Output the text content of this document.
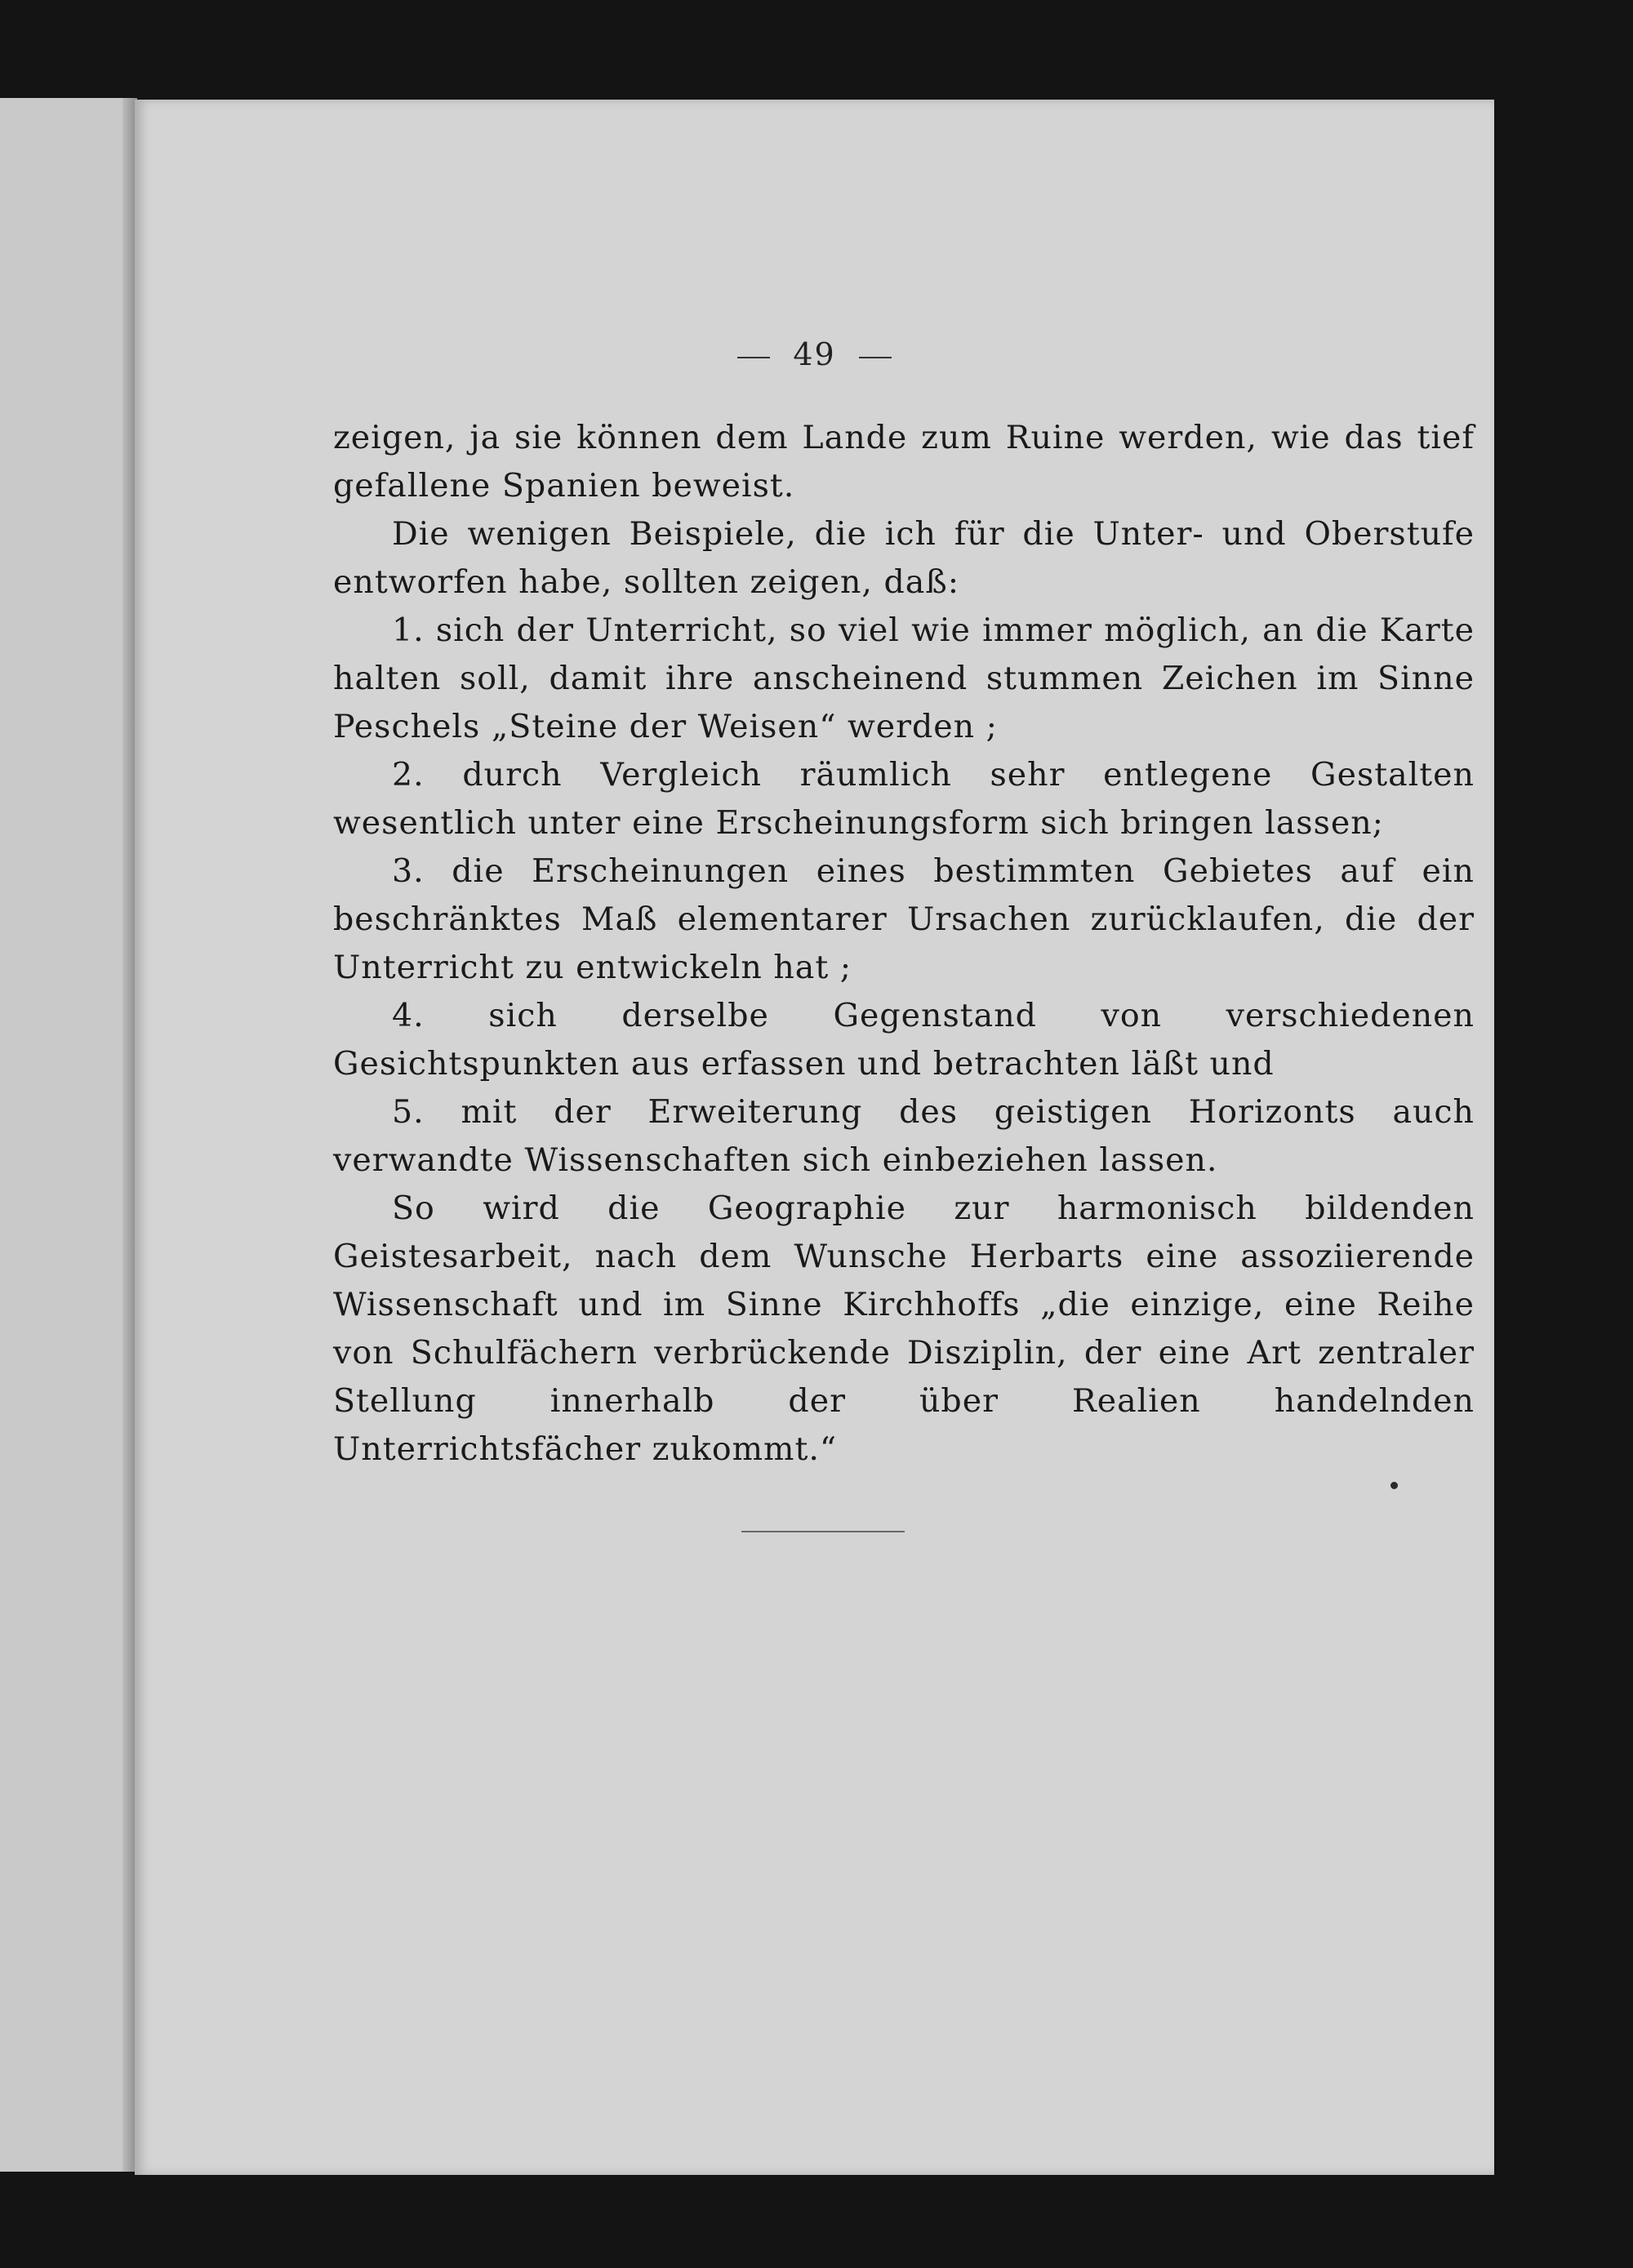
49

zeigen, ja sie können dem Lande zum Ruine werden, wie das tief gefallene Spanien beweist.

Die wenigen Beispiele, die ich für die Unter- und Oberstufe entworfen habe, sollten zeigen, daß:

1. sich der Unterricht, so viel wie immer möglich, an die Karte halten soll, damit ihre anscheinend stummen Zeichen im Sinne Peschels „Steine der Weisen“ werden ;

2. durch Vergleich räumlich sehr entlegene Gestalten wesentlich unter eine Erscheinungsform sich bringen lassen;

3. die Erscheinungen eines bestimmten Gebietes auf ein beschränktes Maß elementarer Ursachen zurücklaufen, die der Unterricht zu entwickeln hat ;

4. sich derselbe Gegenstand von verschiedenen Gesichtspunkten aus erfassen und betrachten läßt und

5. mit der Erweiterung des geistigen Horizonts auch verwandte Wissenschaften sich einbeziehen lassen.

So wird die Geographie zur harmonisch bildenden Geistesarbeit, nach dem Wunsche Herbarts eine assoziierende Wissenschaft und im Sinne Kirchhoffs „die einzige, eine Reihe von Schulfächern verbrückende Disziplin, der eine Art zentraler Stellung innerhalb der über Realien handelnden Unterrichtsfächer zukommt.“
